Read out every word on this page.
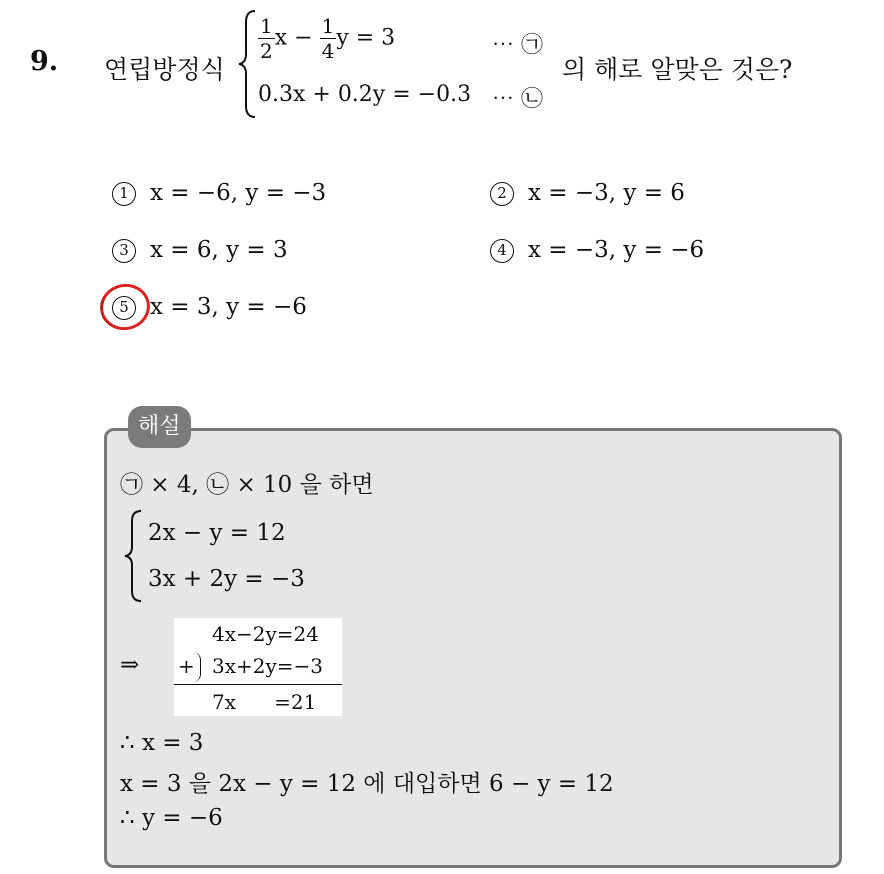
9. 연립방정식
$\frac{1}{2}$ $x - \frac{1}{4}$ y = 3	⋯ ㉠
0.3x + 0.2y = −0.3 ⋯ ㉡
의 해로 알맞은 것은?
1 x = −6, y = −3	2 x = −3, y = 6
3 x = 6, y = 3	4 x = −3, y = −6
5 x = 3, y = −6
해설
㉠ × 4, ㉡ × 10 을 하면
2x − y = 12
3x + 2y = −3
⇒
4x−2y=24
+ 3x+2y=−3
7x      =21
∴ x = 3
x = 3 을 2x − y = 12 에 대입하면 6 − y = 12
∴ y = −6
